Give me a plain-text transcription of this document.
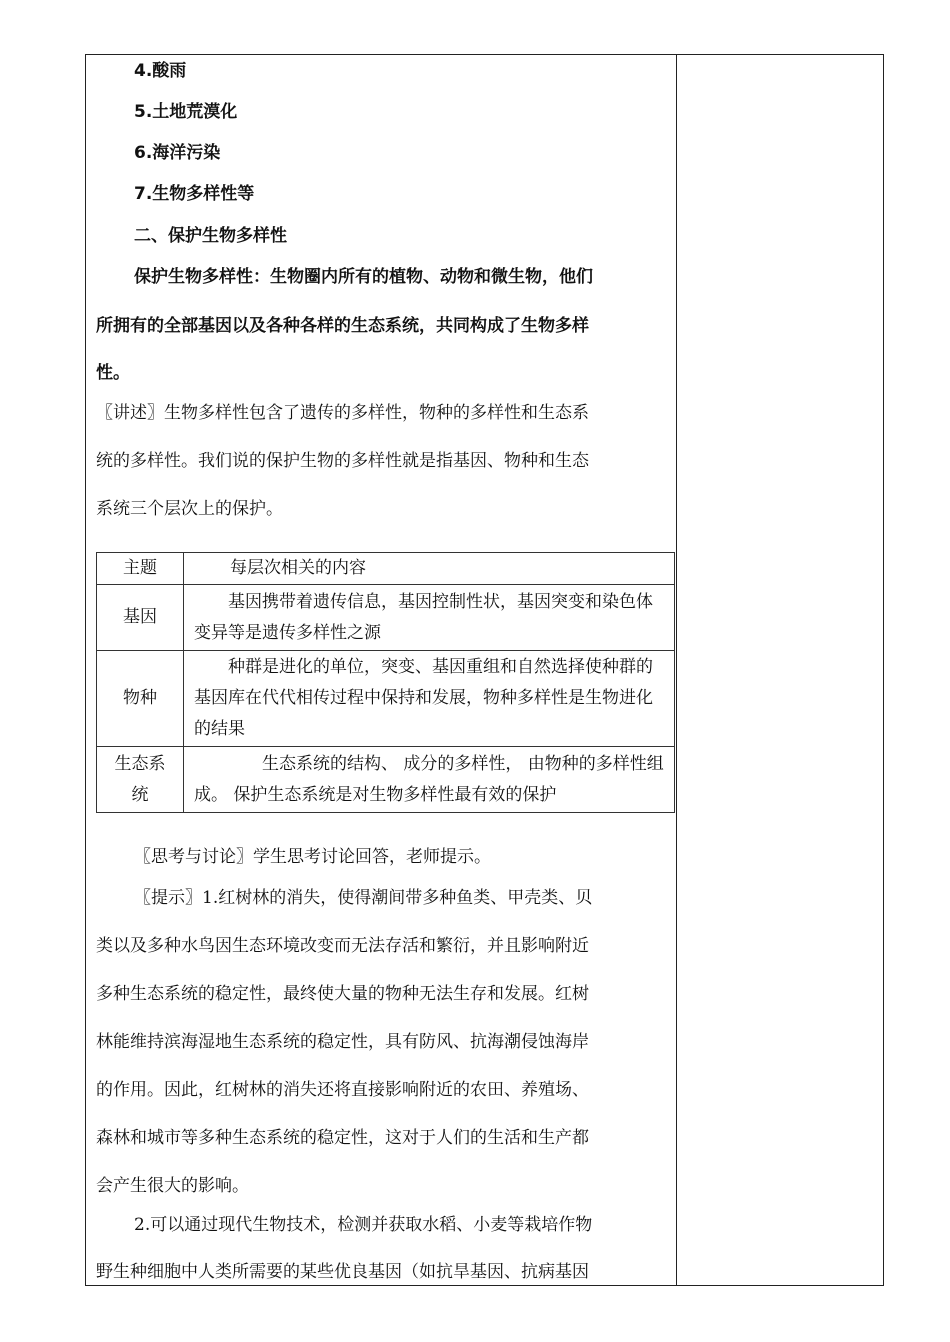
4.酸雨
5.土地荒漠化
6.海洋污染
7.生物多样性等
二、保护生物多样性
保护生物多样性：生物圈内所有的植物、动物和微生物，他们
所拥有的全部基因以及各种各样的生态系统，共同构成了生物多样
性。
〖讲述〗生物多样性包含了遗传的多样性，物种的多样性和生态系
统的多样性。我们说的保护生物的多样性就是指基因、物种和生态
系统三个层次上的保护。
主题	每层次相关的内容
基因	基因携带着遗传信息，基因控制性状，基因突变和染色体变异等是遗传多样性之源
物种	种群是进化的单位，突变、基因重组和自然选择使种群的基因库在代代相传过程中保持和发展，物种多样性是生物进化的结果
生态系统	生态系统的结构、 成分的多样性， 由物种的多样性组成。 保护生态系统是对生物多样性最有效的保护
〖思考与讨论〗学生思考讨论回答，老师提示。
〖提示〗1.红树林的消失，使得潮间带多种鱼类、甲壳类、贝
类以及多种水鸟因生态环境改变而无法存活和繁衍，并且影响附近
多种生态系统的稳定性，最终使大量的物种无法生存和发展。红树
林能维持滨海湿地生态系统的稳定性，具有防风、抗海潮侵蚀海岸
的作用。因此，红树林的消失还将直接影响附近的农田、养殖场、
森林和城市等多种生态系统的稳定性，这对于人们的生活和生产都
会产生很大的影响。
2.可以通过现代生物技术，检测并获取水稻、小麦等栽培作物
野生种细胞中人类所需要的某些优良基因（如抗旱基因、抗病基因
